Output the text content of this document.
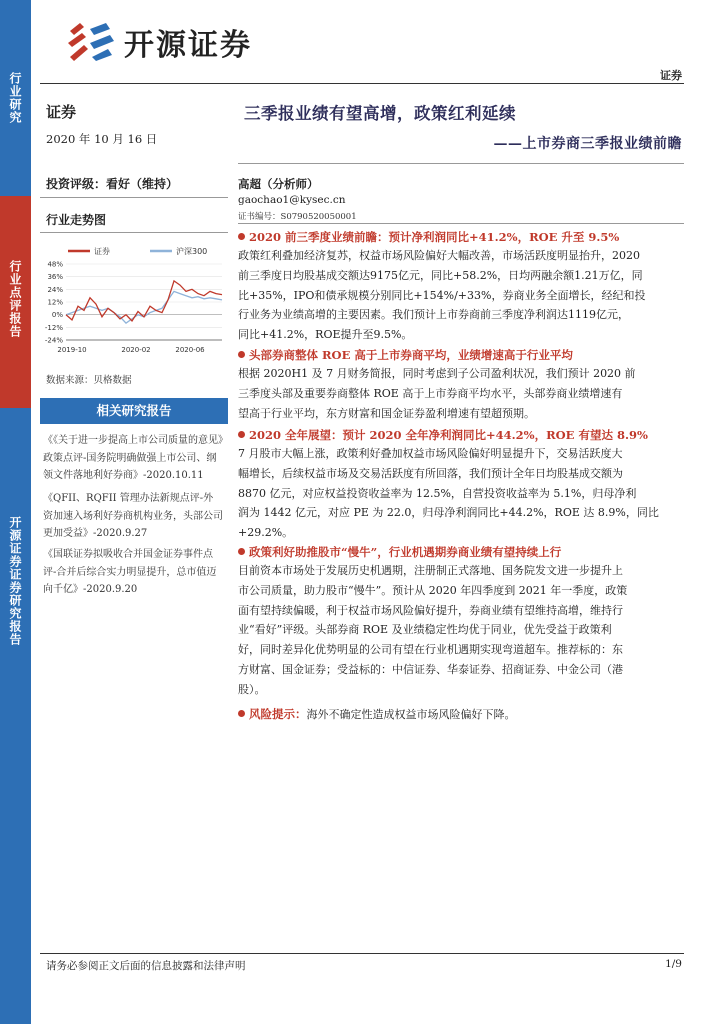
行业研究
行业点评报告
开源证券证券研究报告
开源证券
证券
证券
2020 年 10 月 16 日
投资评级：看好（维持）
行业走势图
证券	沪深300
48%
36%
24%
12%
0%
-12%
-24%
2019-10	2020-02	2020-06
数据来源：贝格数据
相关研究报告
《《关于进一步提高上市公司质量的意见》政策点评-国务院明确做强上市公司、纲领文件落地利好券商》-2020.10.11
《QFII、RQFII 管理办法新规点评-外资加速入场利好券商机构业务，头部公司更加受益》-2020.9.27
《国联证券拟吸收合并国金证券事件点评-合并后综合实力明显提升，总市值迈向千亿》-2020.9.20
三季报业绩有望高增，政策红利延续
——上市券商三季报业绩前瞻
高超（分析师）
gaochao1@kysec.cn
证书编号：S0790520050001
2020 前三季度业绩前瞻：预计净利润同比+41.2%，ROE 升至 9.5%
政策红利叠加经济复苏，权益市场风险偏好大幅改善，市场活跃度明显抬升，2020
前三季度日均股基成交额达9175亿元，同比+58.2%，日均两融余额1.21万亿，同
比+35%，IPO和债承规模分别同比+154%/+33%，券商业务全面增长，经纪和投
行业务为业绩高增的主要因素。我们预计上市券商前三季度净利润达1119亿元，
同比+41.2%，ROE提升至9.5%。
头部券商整体 ROE 高于上市券商平均，业绩增速高于行业平均
根据 2020H1 及 7 月财务简报，同时考虑到子公司盈利状况，我们预计 2020 前
三季度头部及重要券商整体 ROE 高于上市券商平均水平，头部券商业绩增速有
望高于行业平均，东方财富和国金证券盈利增速有望超预期。
2020 全年展望：预计 2020 全年净利润同比+44.2%，ROE 有望达 8.9%
7 月股市大幅上涨，政策利好叠加权益市场风险偏好明显提升下，交易活跃度大
幅增长，后续权益市场及交易活跃度有所回落，我们预计全年日均股基成交额为
8870 亿元，对应权益投资收益率为 12.5%，自营投资收益率为 5.1%，归母净利
润为 1442 亿元，对应 PE 为 22.0，归母净利润同比+44.2%，ROE 达 8.9%，同比
+29.2%。
政策利好助推股市“慢牛”，行业机遇期券商业绩有望持续上行
目前资本市场处于发展历史机遇期，注册制正式落地、国务院发文进一步提升上
市公司质量，助力股市“慢牛”。预计从 2020 年四季度到 2021 年一季度，政策
面有望持续偏暖，利于权益市场风险偏好提升，券商业绩有望维持高增，维持行
业“看好”评级。头部券商 ROE 及业绩稳定性均优于同业，优先受益于政策利
好，同时差异化优势明显的公司有望在行业机遇期实现弯道超车。推荐标的：东
方财富、国金证券；受益标的：中信证券、华泰证券、招商证券、中金公司（港
股）。
风险提示：海外不确定性造成权益市场风险偏好下降。
请务必参阅正文后面的信息披露和法律声明	1/9
